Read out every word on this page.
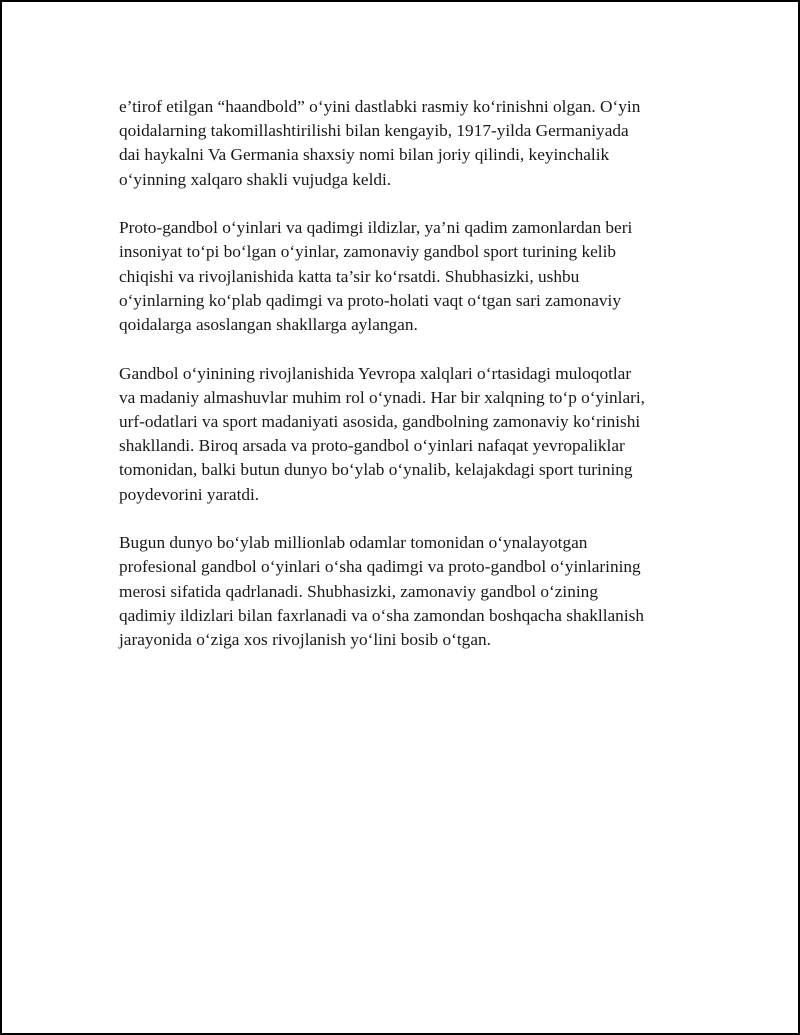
e’tirof etilgan “haandbold” o‘yini dastlabki rasmiy ko‘rinishni olgan. O‘yin
qoidalarning takomillashtirilishi bilan kengayib, 1917-yilda Germaniyada
dai haykalni Va Germania shaxsiy nomi bilan joriy qilindi, keyinchalik
o‘yinning xalqaro shakli vujudga keldi.

Proto-gandbol o‘yinlari va qadimgi ildizlar, ya’ni qadim zamonlardan beri
insoniyat to‘pi bo‘lgan o‘yinlar, zamonaviy gandbol sport turining kelib
chiqishi va rivojlanishida katta ta’sir ko‘rsatdi. Shubhasizki, ushbu
o‘yinlarning ko‘plab qadimgi va proto-holati vaqt o‘tgan sari zamonaviy
qoidalarga asoslangan shakllarga aylangan.

Gandbol o‘yinining rivojlanishida Yevropa xalqlari o‘rtasidagi muloqotlar
va madaniy almashuvlar muhim rol o‘ynadi. Har bir xalqning to‘p o‘yinlari,
urf-odatlari va sport madaniyati asosida, gandbolning zamonaviy ko‘rinishi
shakllandi. Biroq arsada va proto-gandbol o‘yinlari nafaqat yevropaliklar
tomonidan, balki butun dunyo bo‘ylab o‘ynalib, kelajakdagi sport turining
poydevorini yaratdi.

Bugun dunyo bo‘ylab millionlab odamlar tomonidan o‘ynalayotgan
profesional gandbol o‘yinlari o‘sha qadimgi va proto-gandbol o‘yinlarining
merosi sifatida qadrlanadi. Shubhasizki, zamonaviy gandbol o‘zining
qadimiy ildizlari bilan faxrlanadi va o‘sha zamondan boshqacha shakllanish
jarayonida o‘ziga xos rivojlanish yo‘lini bosib o‘tgan.
